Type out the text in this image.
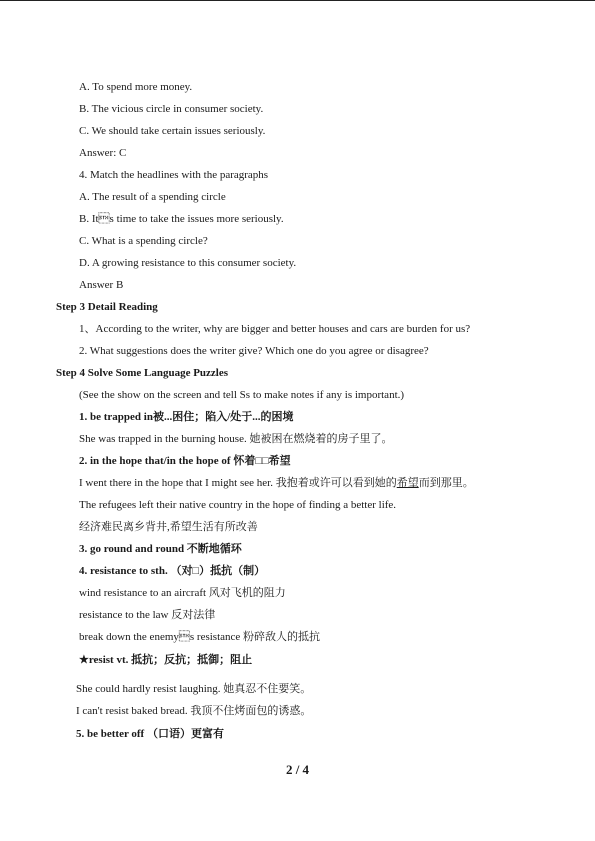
A. To spend more money.
B. The vicious circle in consumer society.
C. We should take certain issues seriously.
Answer: C
4. Match the headlines with the paragraphs
A. The result of a spending circle
B. Its time to take the issues more seriously.
C. What is a spending circle?
D. A growing resistance to this consumer society.
Answer B
Step 3 Detail Reading
1、According to the writer, why are bigger and better houses and cars are burden for us?
2. What suggestions does the writer give? Which one do you agree or disagree?
Step 4 Solve Some Language Puzzles
(See the show on the screen and tell Ss to make notes if any is important.)
1. be trapped in被...困住；陷入/处于...的困境
She was trapped in the burning house. 她被困在燃烧着的房子里了。
2. in the hope that/in the hope of 怀着□□希望
I went there in the hope that I might see her. 我抱着或许可以看到她的希望而到那里。
The refugees left their native country in the hope of finding a better life.
经济难民离乡背井,希望生活有所改善
3. go round and round 不断地循环
4. resistance to sth. （对□）抵抗（制）
wind resistance to an aircraft 风对飞机的阻力
resistance to the law 反对法律
break down the enemys resistance 粉碎敌人的抵抗
★resist vt. 抵抗；反抗；抵御；阻止
She could hardly resist laughing. 她真忍不住要笑。
I can't resist baked bread. 我顶不住烤面包的诱惑。
5. be better off （口语）更富有
2 / 4
